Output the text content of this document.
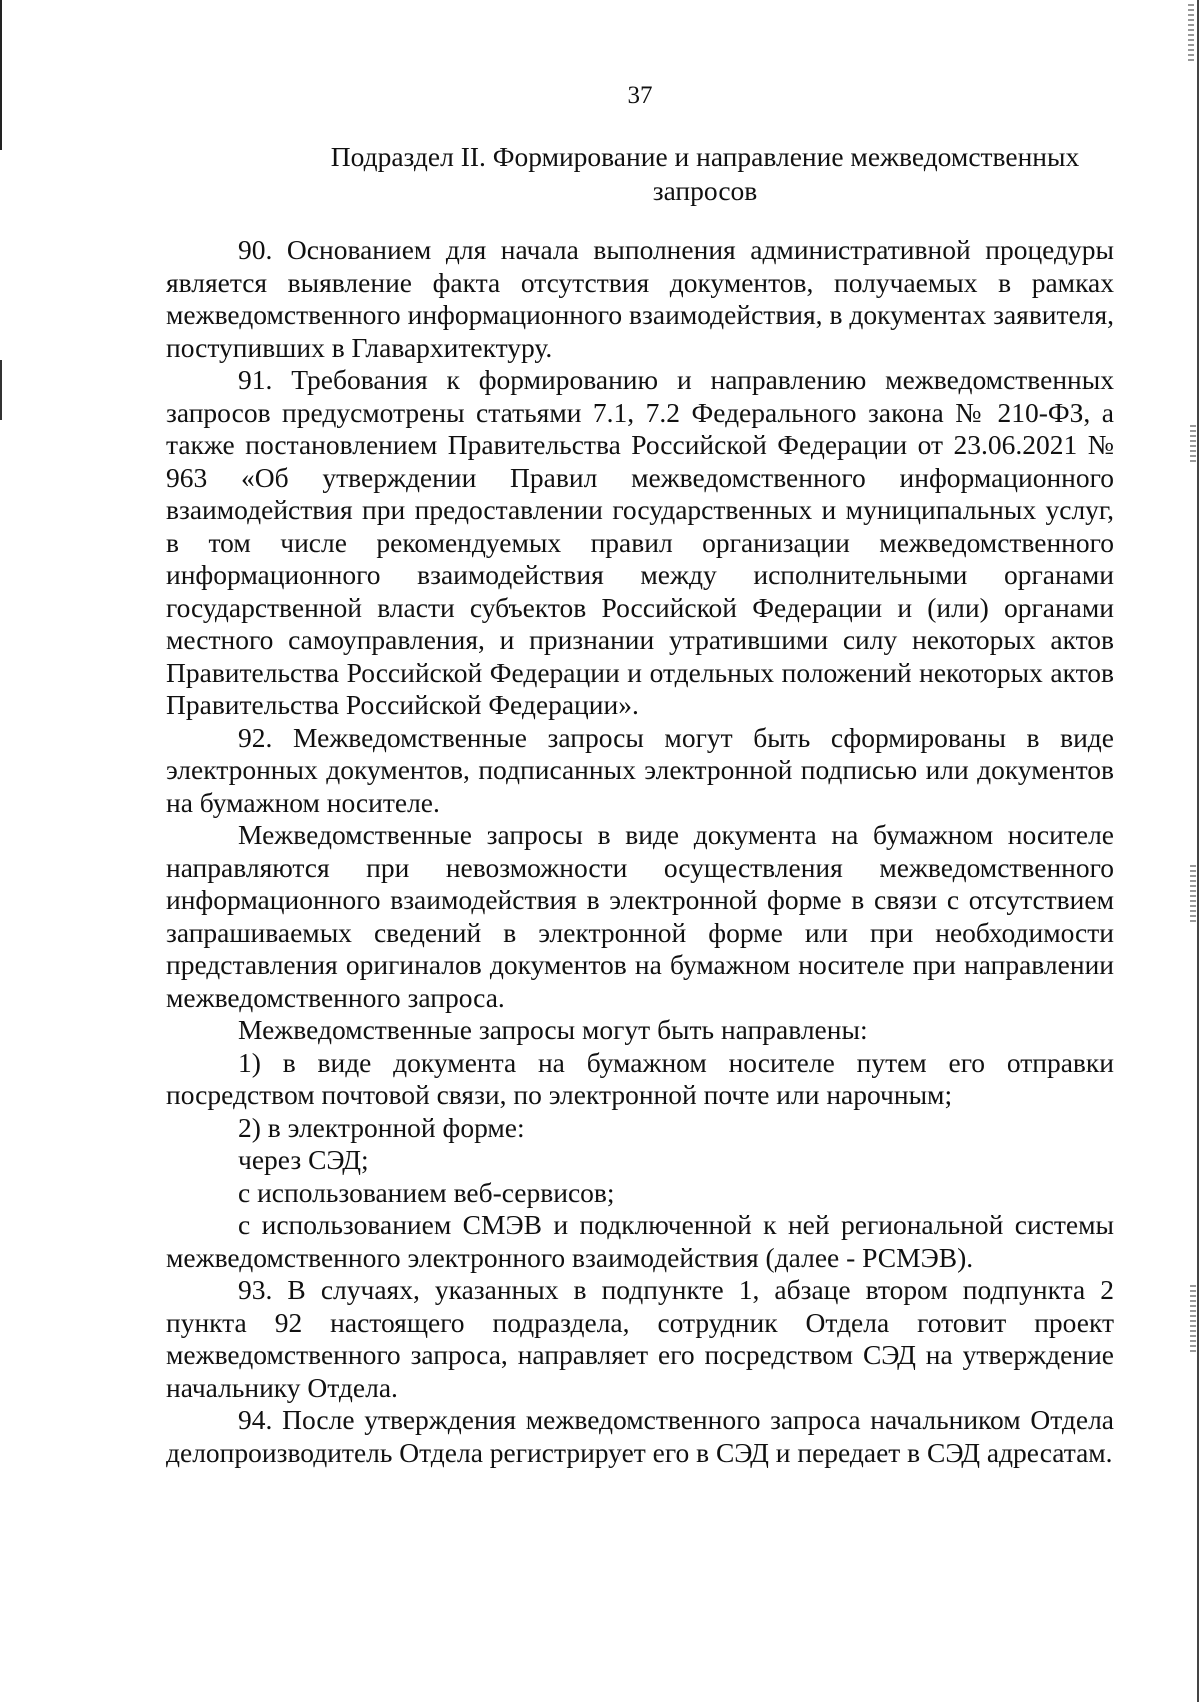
37
Подраздел II. Формирование и направление межведомственных
запросов

90. Основанием для начала выполнения административной процедуры является выявление факта отсутствия документов, получаемых в рамках межведомственного информационного взаимодействия, в документах заявителя, поступивших в Главархитектуру.

91. Требования к формированию и направлению межведомственных запросов предусмотрены статьями 7.1, 7.2 Федерального закона № 210-ФЗ, а также постановлением Правительства Российской Федерации от 23.06.2021 № 963 «Об утверждении Правил межведомственного информационного взаимодействия при предоставлении государственных и муниципальных услуг, в том числе рекомендуемых правил организации межведомственного информационного взаимодействия между исполнительными органами государственной власти субъектов Российской Федерации и (или) органами местного самоуправления, и признании утратившими силу некоторых актов Правительства Российской Федерации и отдельных положений некоторых актов Правительства Российской Федерации».

92. Межведомственные запросы могут быть сформированы в виде электронных документов, подписанных электронной подписью или документов на бумажном носителе.

Межведомственные запросы в виде документа на бумажном носителе направляются при невозможности осуществления межведомственного информационного взаимодействия в электронной форме в связи с отсутствием запрашиваемых сведений в электронной форме или при необходимости представления оригиналов документов на бумажном носителе при направлении межведомственного запроса.

Межведомственные запросы могут быть направлены:

1) в виде документа на бумажном носителе путем его отправки посредством почтовой связи, по электронной почте или нарочным;

2) в электронной форме:

через СЭД;

с использованием веб-сервисов;

с использованием СМЭВ и подключенной к ней региональной системы межведомственного электронного взаимодействия (далее - РСМЭВ).

93. В случаях, указанных в подпункте 1, абзаце втором подпункта 2 пункта 92 настоящего подраздела, сотрудник Отдела готовит проект межведомственного запроса, направляет его посредством СЭД на утверждение начальнику Отдела.

94. После утверждения межведомственного запроса начальником Отдела делопроизводитель Отдела регистрирует его в СЭД и передает в СЭД адресатам.
